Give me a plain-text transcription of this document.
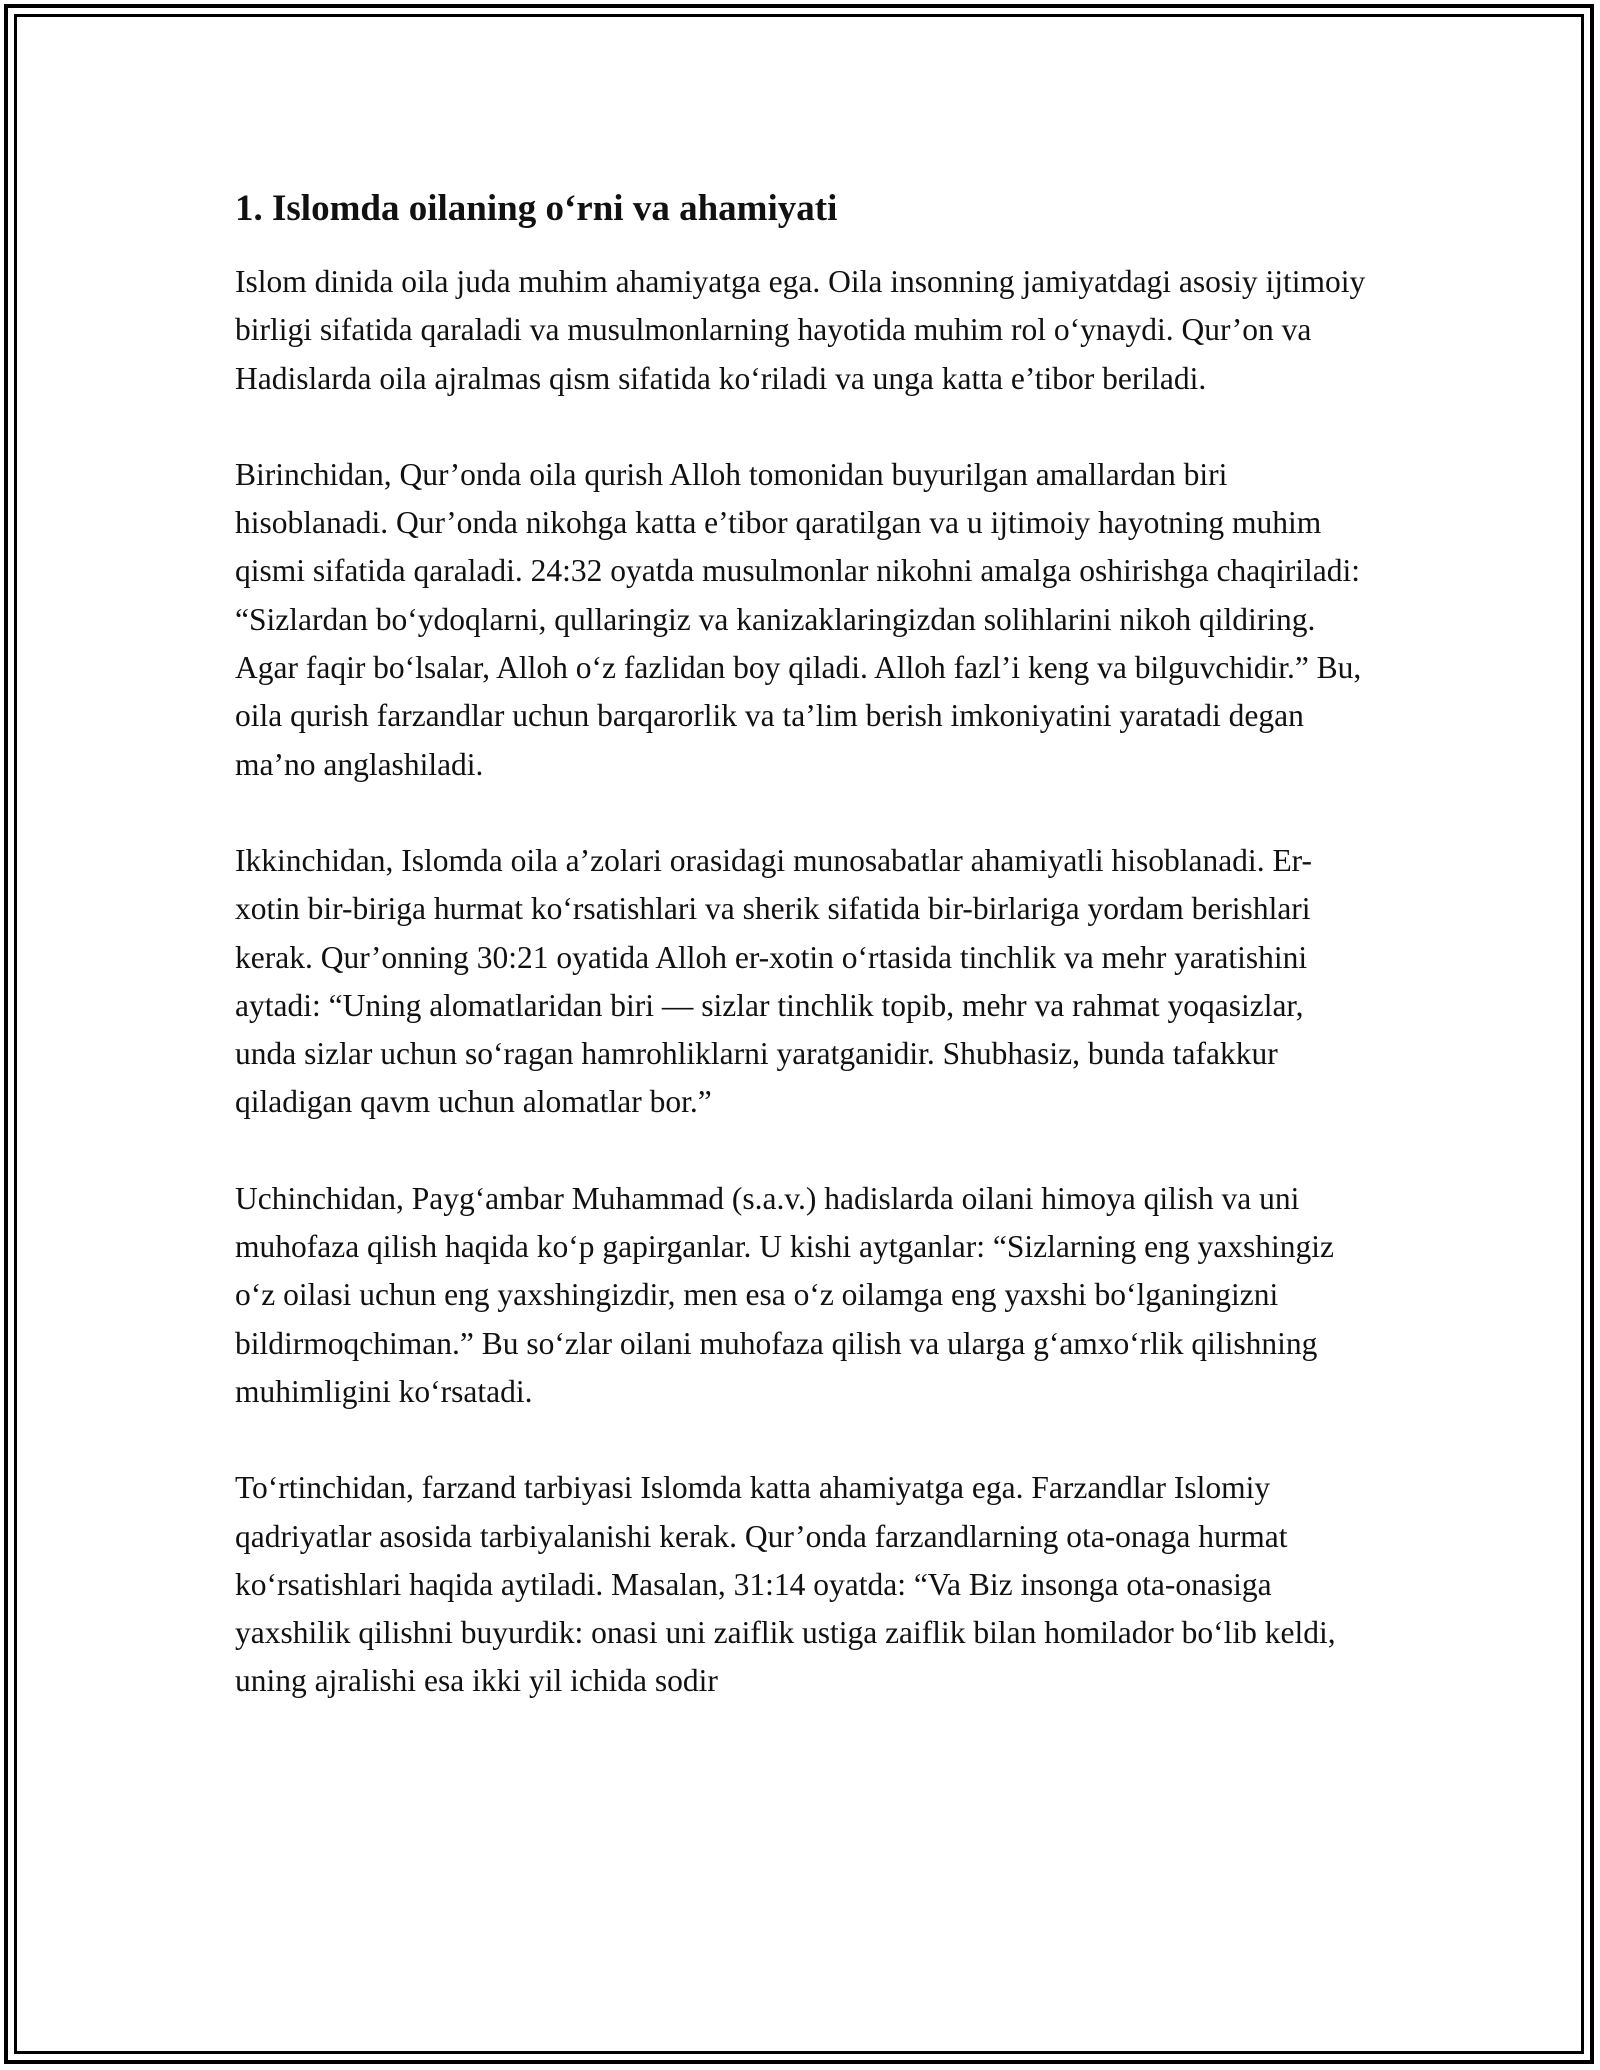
1. Islomda oilaning o‘rni va ahamiyati

Islom dinida oila juda muhim ahamiyatga ega. Oila insonning jamiyatdagi asosiy ijtimoiy birligi sifatida qaraladi va musulmonlarning hayotida muhim rol o‘ynaydi. Qur’on va Hadislarda oila ajralmas qism sifatida ko‘riladi va unga katta e’tibor beriladi.

Birinchidan, Qur’onda oila qurish Alloh tomonidan buyurilgan amallardan biri hisoblanadi. Qur’onda nikohga katta e’tibor qaratilgan va u ijtimoiy hayotning muhim qismi sifatida qaraladi. 24:32 oyatda musulmonlar nikohni amalga oshirishga chaqiriladi: “Sizlardan bo‘ydoqlarni, qullaringiz va kanizaklaringizdan solihlarini nikoh qildiring. Agar faqir bo‘lsalar, Alloh o‘z fazlidan boy qiladi. Alloh fazl’i keng va bilguvchidir.” Bu, oila qurish farzandlar uchun barqarorlik va ta’lim berish imkoniyatini yaratadi degan ma’no anglashiladi.

Ikkinchidan, Islomda oila a’zolari orasidagi munosabatlar ahamiyatli hisoblanadi. Er-xotin bir-biriga hurmat ko‘rsatishlari va sherik sifatida bir-birlariga yordam berishlari kerak. Qur’onning 30:21 oyatida Alloh er-xotin o‘rtasida tinchlik va mehr yaratishini aytadi: “Uning alomatlaridan biri — sizlar tinchlik topib, mehr va rahmat yoqasizlar, unda sizlar uchun so‘ragan hamrohliklarni yaratganidir. Shubhasiz, bunda tafakkur qiladigan qavm uchun alomatlar bor.”

Uchinchidan, Payg‘ambar Muhammad (s.a.v.) hadislarda oilani himoya qilish va uni muhofaza qilish haqida ko‘p gapirganlar. U kishi aytganlar: “Sizlarning eng yaxshingiz o‘z oilasi uchun eng yaxshingizdir, men esa o‘z oilamga eng yaxshi bo‘lganingizni bildirmoqchiman.” Bu so‘zlar oilani muhofaza qilish va ularga g‘amxo‘rlik qilishning muhimligini ko‘rsatadi.

To‘rtinchidan, farzand tarbiyasi Islomda katta ahamiyatga ega. Farzandlar Islomiy qadriyatlar asosida tarbiyalanishi kerak. Qur’onda farzandlarning ota-onaga hurmat ko‘rsatishlari haqida aytiladi. Masalan, 31:14 oyatda: “Va Biz insonga ota-onasiga yaxshilik qilishni buyurdik: onasi uni zaiflik ustiga zaiflik bilan homilador bo‘lib keldi, uning ajralishi esa ikki yil ichida sodir
